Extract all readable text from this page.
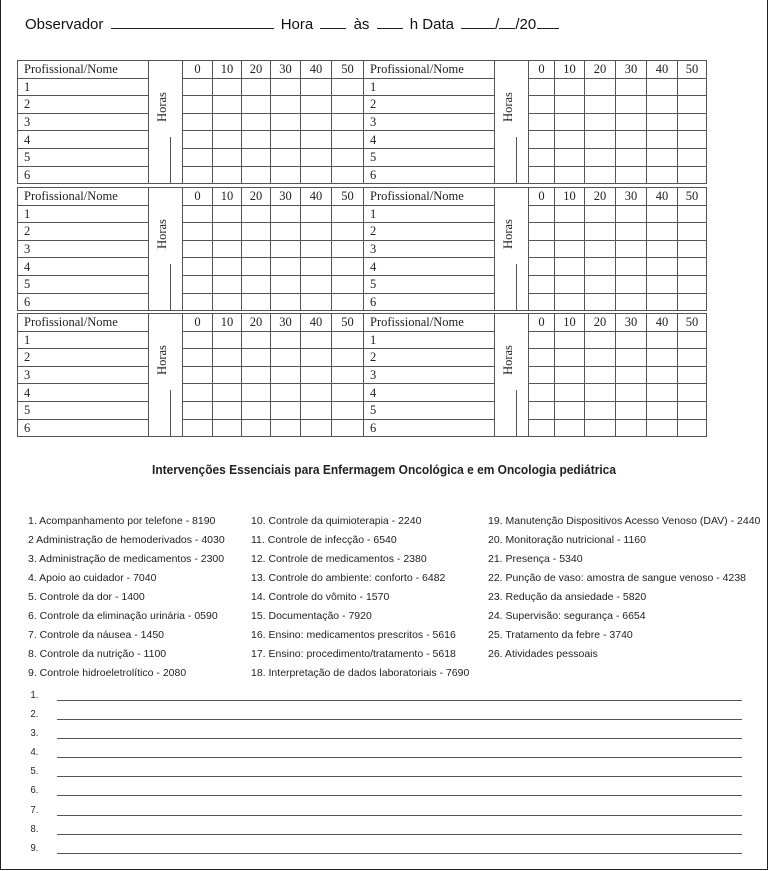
Observador	Hora	às	h Data	/ /20
Profissional/Nome	Horas	0	10	20	30	40	50
1							
2							
3							
4							
5							
6							
Profissional/Nome	Horas	0	10	20	30	40	50
1							
2							
3							
4							
5							
6							
Profissional/Nome	Horas	0	10	20	30	40	50
1							
2							
3							
4							
5							
6							
Profissional/Nome	Horas	0	10	20	30	40	50
1							
2							
3							
4							
5							
6							
Profissional/Nome	Horas	0	10	20	30	40	50
1							
2							
3							
4							
5							
6							
Profissional/Nome	Horas	0	10	20	30	40	50
1							
2							
3							
4							
5							
6							
Intervenções Essenciais para Enfermagem Oncológica e em Oncologia pediátrica
1. Acompanhamento por telefone - 8190
2 Administração de hemoderivados - 4030
3. Administração de medicamentos - 2300
4. Apoio ao cuidador - 7040
5. Controle da dor - 1400
6. Controle da eliminação urinária - 0590
7. Controle da náusea - 1450
8. Controle da nutrição - 1100
9. Controle hidroeletrolítico - 2080
10. Controle da quimioterapia - 2240
11. Controle de infecção - 6540
12. Controle de medicamentos - 2380
13. Controle do ambiente: conforto - 6482
14. Controle do vômito - 1570
15. Documentação - 7920
16. Ensino: medicamentos prescritos - 5616
17. Ensino: procedimento/tratamento - 5618
18. Interpretação de dados laboratoriais - 7690
19. Manutenção Dispositivos Acesso Venoso (DAV) - 2440
20. Monitoração nutricional - 1160
21. Presença - 5340
22. Punção de vaso: amostra de sangue venoso - 4238
23. Redução da ansiedade - 5820
24. Supervisão: segurança - 6654
25. Tratamento da febre - 3740
26. Atividades pessoais
1.
2.
3.
4.
5.
6.
7.
8.
9.
